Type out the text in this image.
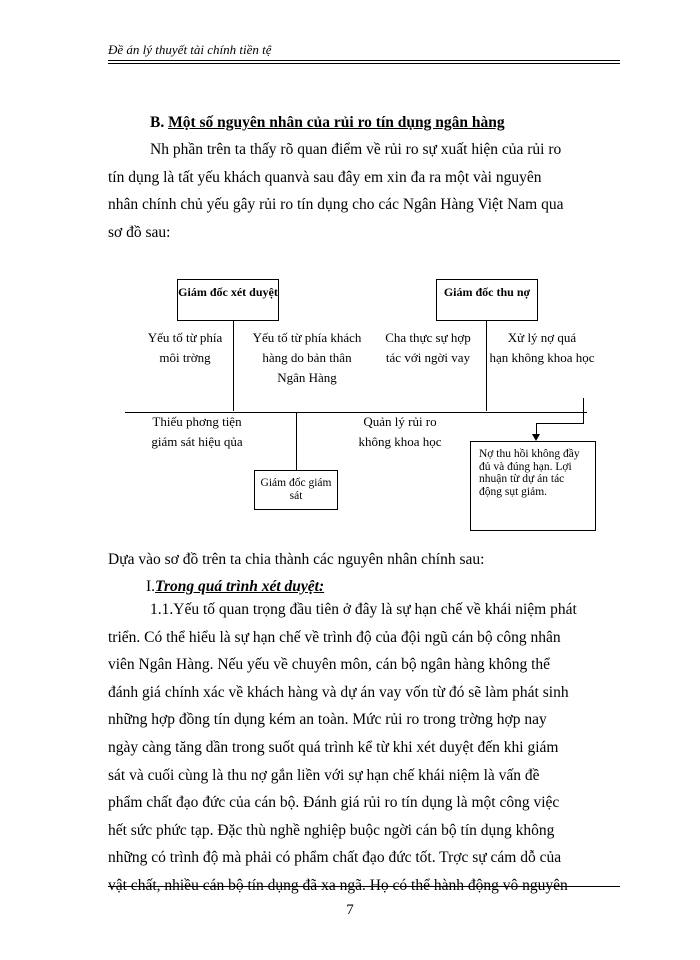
Đề án lý thuyết tài chính tiền tệ
B. Một số nguyên nhân của rủi ro tín dụng ngân hàng
Nh phần trên ta thấy rõ quan điểm về rủi ro sự xuất hiện của rủi ro
tín dụng là tất yếu khách quanvà sau đây em xin đa ra một vài nguyên
nhân chính chủ yếu gây rủi ro tín dụng cho các Ngân Hàng Việt Nam qua
sơ đồ sau:
Giám đốc xét duyệt	Giám đốc thu nợ
Giám đốc giám sát
Nợ thu hồi không đầy đủ và đúng hạn. Lợi nhuận từ dự án tác động sụt giảm.
Yếu tố từ phía
môi trờng
Yếu tố từ phía khách
hàng do bản thân
Ngân Hàng
Cha thực sự hợp
tác với ngời vay
Xử lý nợ quá
hạn không khoa học
Thiếu phơng tiện
giám sát hiệu qủa
Quản lý rủi ro
không khoa học
Dựa vào sơ đồ trên ta chia thành các nguyên nhân chính sau:
I.Trong quá trình xét duyệt:
1.1.Yếu tố quan trọng đầu tiên ở đây là sự hạn chế về khái niệm phát
triển. Có thể hiểu là sự hạn chế về trình độ của đội ngũ cán bộ công nhân
viên Ngân Hàng. Nếu yếu về chuyên môn, cán bộ ngân hàng không thể
đánh giá chính xác về khách hàng và dự án vay vốn từ đó sẽ làm phát sinh
những hợp đồng tín dụng kém an toàn. Mức rủi ro trong trờng hợp nay
ngày càng tăng dần trong suốt quá trình kể từ khi xét duyệt đến khi giám
sát và cuối cùng là thu nợ gắn liền với sự hạn chế khái niệm là vấn đề
phẩm chất đạo đức của cán bộ. Đánh giá rủi ro tín dụng là một công việc
hết sức phức tạp. Đặc thù nghề nghiệp buộc ngời cán bộ tín dụng không
những có trình độ mà phải có phẩm chất đạo đức tốt. Trợc sự cám dỗ của
vật chất, nhiều cán bộ tín dụng đã xa ngã. Họ có thể hành động vô nguyên
7
